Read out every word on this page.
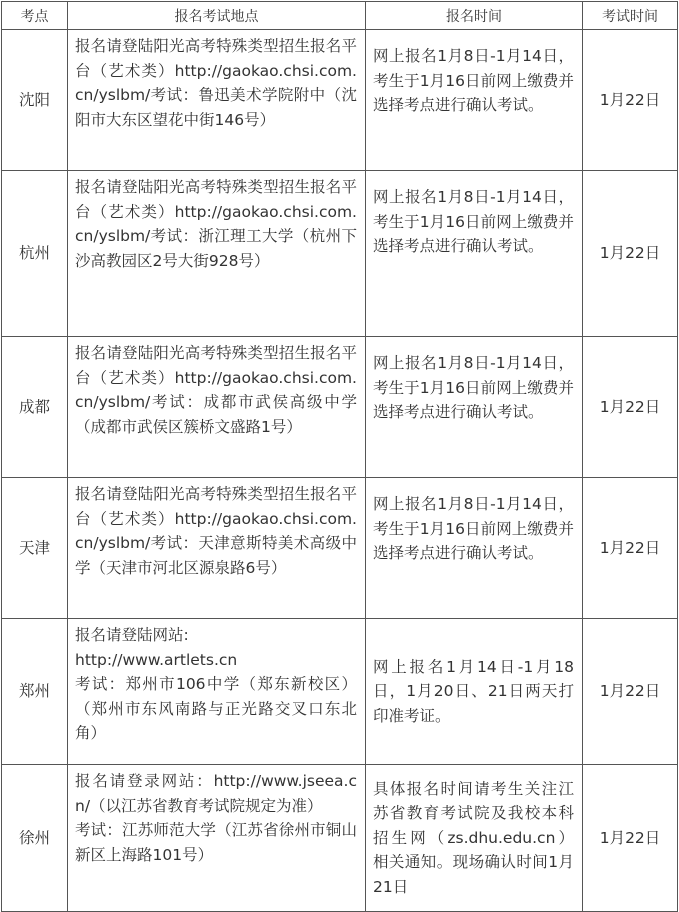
考点	报名考试地点	报名时间	考试时间
沈阳	报名请登陆阳光高考特殊类型招生报名平台（艺术类）http://gaokao.chsi.com.cn/yslbm/考试：鲁迅美术学院附中（沈阳市大东区望花中街146号）	网上报名1月8日-1月14日，考生于1月16日前网上缴费并选择考点进行确认考试。	1月22日
杭州	报名请登陆阳光高考特殊类型招生报名平台（艺术类）http://gaokao.chsi.com.cn/yslbm/考试：浙江理工大学（杭州下沙高教园区2号大街928号）	网上报名1月8日-1月14日，考生于1月16日前网上缴费并选择考点进行确认考试。	1月22日
成都	报名请登陆阳光高考特殊类型招生报名平台（艺术类）http://gaokao.chsi.com.cn/yslbm/考试：成都市武侯高级中学（成都市武侯区簇桥文盛路1号）	网上报名1月8日-1月14日，考生于1月16日前网上缴费并选择考点进行确认考试。	1月22日
天津	报名请登陆阳光高考特殊类型招生报名平台（艺术类）http://gaokao.chsi.com.cn/yslbm/考试：天津意斯特美术高级中学（天津市河北区源泉路6号）	网上报名1月8日-1月14日，考生于1月16日前网上缴费并选择考点进行确认考试。	1月22日
郑州	报名请登陆网站:
http://www.artlets.cn
考试：郑州市106中学（郑东新校区）（郑州市东风南路与正光路交叉口东北角）	网上报名1月14日-1月18日，1月20日、21日两天打印准考证。	1月22日
徐州	报名请登录网站：http://www.jseea.cn/（以江苏省教育考试院规定为准）
考试：江苏师范大学（江苏省徐州市铜山新区上海路101号）	具体报名时间请考生关注江苏省教育考试院及我校本科招生网（zs.dhu.edu.cn）相关通知。现场确认时间1月21日	1月22日
